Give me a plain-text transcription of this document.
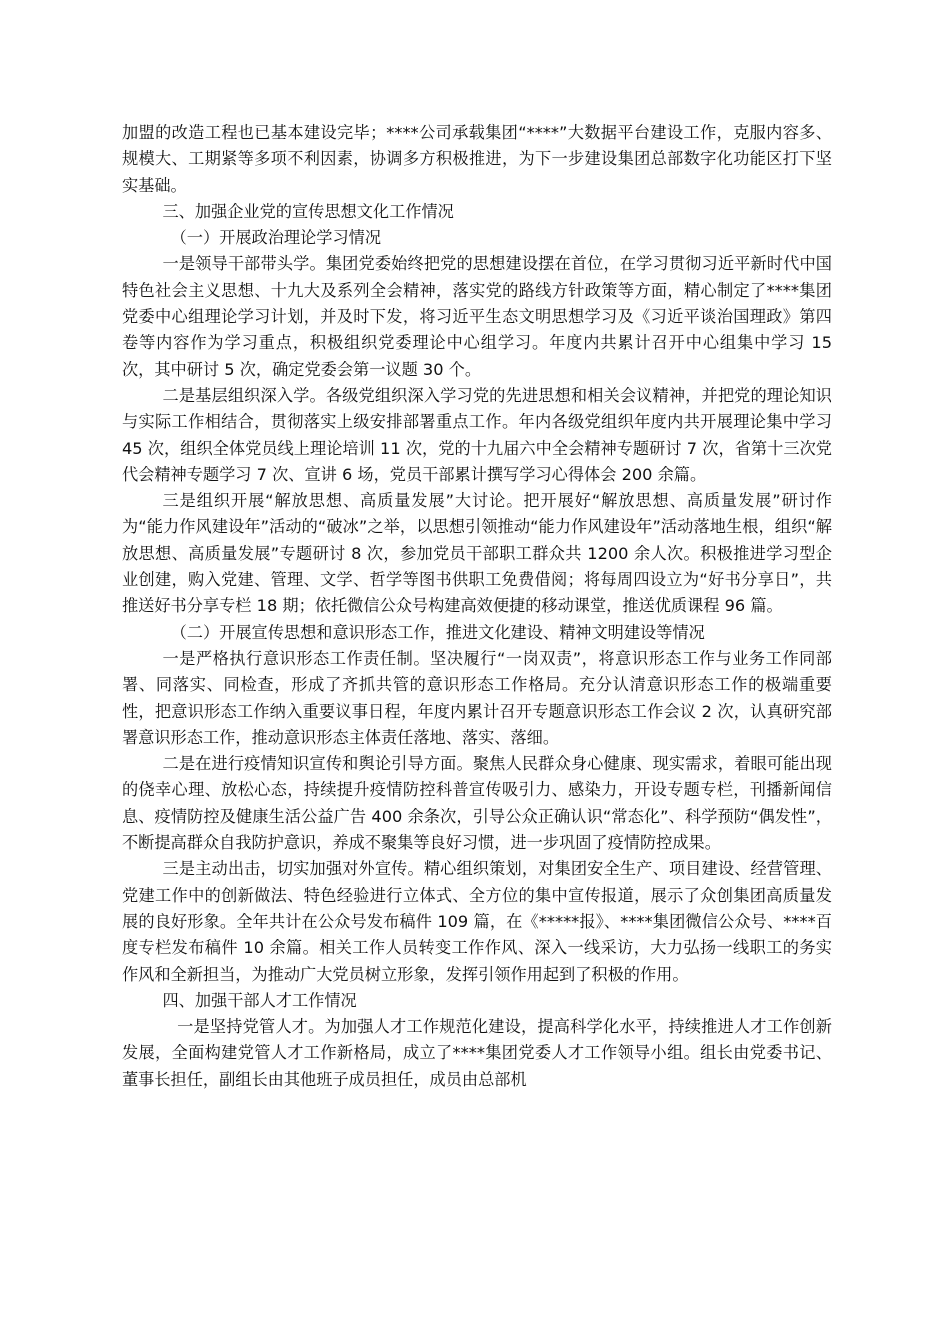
加盟的改造工程也已基本建设完毕；****公司承载集团“****”大数据平台建设工作，克服内容多、规模大、工期紧等多项不利因素，协调多方积极推进，为下一步建设集团总部数字化功能区打下坚实基础。

三、加强企业党的宣传思想文化工作情况

（一）开展政治理论学习情况

一是领导干部带头学。集团党委始终把党的思想建设摆在首位，在学习贯彻习近平新时代中国特色社会主义思想、十九大及系列全会精神，落实党的路线方针政策等方面，精心制定了****集团党委中心组理论学习计划，并及时下发，将习近平生态文明思想学习及《习近平谈治国理政》第四卷等内容作为学习重点，积极组织党委理论中心组学习。年度内共累计召开中心组集中学习 15 次，其中研讨 5 次，确定党委会第一议题 30 个。

二是基层组织深入学。各级党组织深入学习党的先进思想和相关会议精神，并把党的理论知识与实际工作相结合，贯彻落实上级安排部署重点工作。年内各级党组织年度内共开展理论集中学习 45 次，组织全体党员线上理论培训 11 次，党的十九届六中全会精神专题研讨 7 次，省第十三次党代会精神专题学习 7 次、宣讲 6 场，党员干部累计撰写学习心得体会 200 余篇。

三是组织开展“解放思想、高质量发展”大讨论。把开展好“解放思想、高质量发展”研讨作为“能力作风建设年”活动的“破冰”之举，以思想引领推动“能力作风建设年”活动落地生根，组织“解放思想、高质量发展”专题研讨 8 次，参加党员干部职工群众共 1200 余人次。积极推进学习型企业创建，购入党建、管理、文学、哲学等图书供职工免费借阅；将每周四设立为“好书分享日”，共推送好书分享专栏 18 期；依托微信公众号构建高效便捷的移动课堂，推送优质课程 96 篇。

（二）开展宣传思想和意识形态工作，推进文化建设、精神文明建设等情况

一是严格执行意识形态工作责任制。坚决履行“一岗双责”，将意识形态工作与业务工作同部署、同落实、同检查，形成了齐抓共管的意识形态工作格局。充分认清意识形态工作的极端重要性，把意识形态工作纳入重要议事日程，年度内累计召开专题意识形态工作会议 2 次，认真研究部署意识形态工作，推动意识形态主体责任落地、落实、落细。

二是在进行疫情知识宣传和舆论引导方面。聚焦人民群众身心健康、现实需求，着眼可能出现的侥幸心理、放松心态，持续提升疫情防控科普宣传吸引力、感染力，开设专题专栏，刊播新闻信息、疫情防控及健康生活公益广告 400 余条次，引导公众正确认识“常态化”、科学预防“偶发性”，不断提高群众自我防护意识，养成不聚集等良好习惯，进一步巩固了疫情防控成果。

三是主动出击，切实加强对外宣传。精心组织策划，对集团安全生产、项目建设、经营管理、党建工作中的创新做法、特色经验进行立体式、全方位的集中宣传报道，展示了众创集团高质量发展的良好形象。全年共计在公众号发布稿件 109 篇，在《*****报》、****集团微信公众号、****百度专栏发布稿件 10 余篇。相关工作人员转变工作作风、深入一线采访，大力弘扬一线职工的务实作风和全新担当，为推动广大党员树立形象，发挥引领作用起到了积极的作用。

四、加强干部人才工作情况

一是坚持党管人才。为加强人才工作规范化建设，提高科学化水平，持续推进人才工作创新发展，全面构建党管人才工作新格局，成立了****集团党委人才工作领导小组。组长由党委书记、董事长担任，副组长由其他班子成员担任，成员由总部机
